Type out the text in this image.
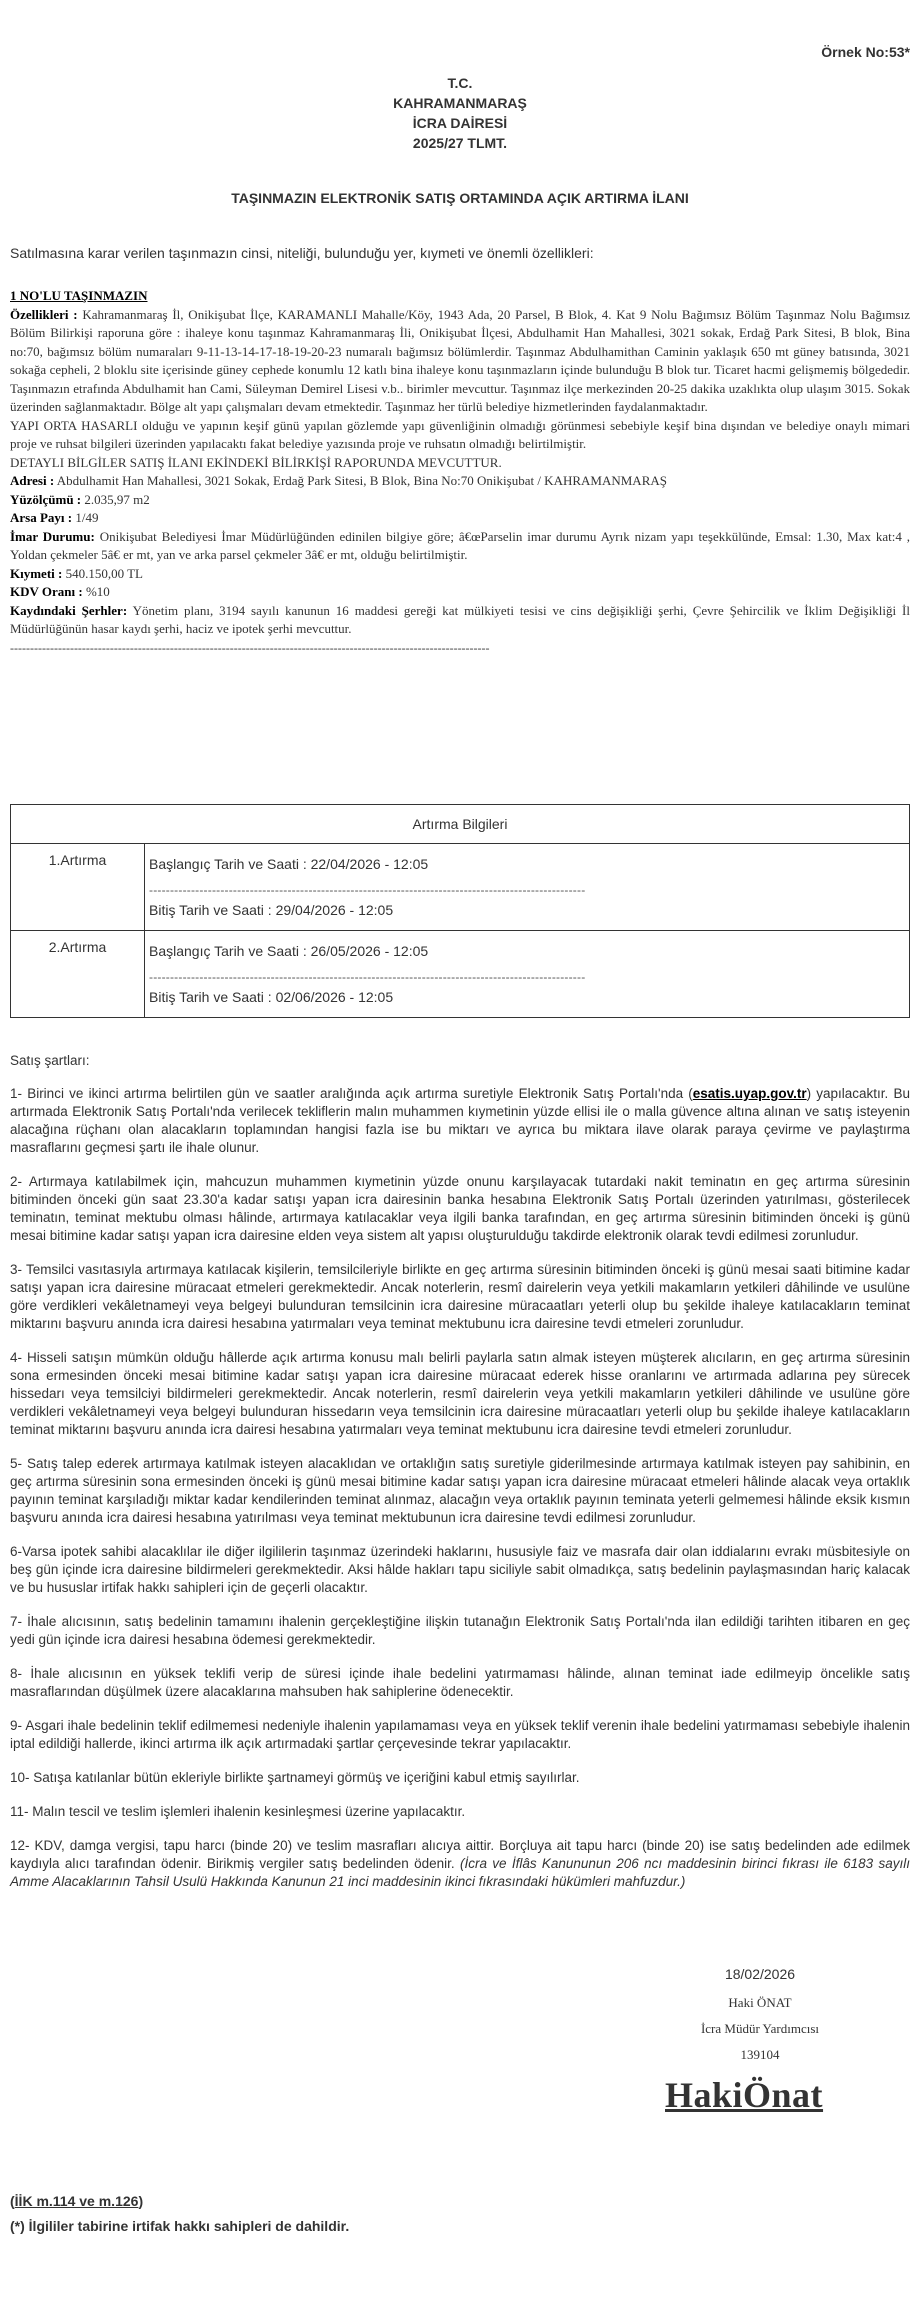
Örnek No:53*
T.C.
KAHRAMANMARAŞ
İCRA DAİRESİ
2025/27 TLMT.
TAŞINMAZIN ELEKTRONİK SATIŞ ORTAMINDA AÇIK ARTIRMA İLANI
Satılmasına karar verilen taşınmazın cinsi, niteliği, bulunduğu yer, kıymeti ve önemli özellikleri:

1 NO'LU TAŞINMAZIN

Özellikleri : Kahramanmaraş İl, Onikişubat İlçe, KARAMANLI Mahalle/Köy, 1943 Ada, 20 Parsel, B Blok, 4. Kat 9 Nolu Bağımsız Bölüm Taşınmaz Nolu Bağımsız Bölüm Bilirkişi raporuna göre : ihaleye konu taşınmaz Kahramanmaraş İli, Onikişubat İlçesi, Abdulhamit Han Mahallesi, 3021 sokak, Erdağ Park Sitesi, B blok, Bina no:70, bağımsız bölüm numaraları 9-11-13-14-17-18-19-20-23 numaralı bağımsız bölümlerdir. Taşınmaz Abdulhamithan Caminin yaklaşık 650 mt güney batısında, 3021 sokağa cepheli, 2 bloklu site içerisinde güney cephede konumlu 12 katlı bina ihaleye konu taşınmazların içinde bulunduğu B blok tur. Ticaret hacmi gelişmemiş bölgededir. Taşınmazın etrafında Abdulhamit han Cami, Süleyman Demirel Lisesi v.b.. birimler mevcuttur. Taşınmaz ilçe merkezinden 20-25 dakika uzaklıkta olup ulaşım 3015. Sokak üzerinden sağlanmaktadır. Bölge alt yapı çalışmaları devam etmektedir. Taşınmaz her türlü belediye hizmetlerinden faydalanmaktadır.

YAPI ORTA HASARLI olduğu ve yapının keşif günü yapılan gözlemde yapı güvenliğinin olmadığı görünmesi sebebiyle keşif bina dışından ve belediye onaylı mimari proje ve ruhsat bilgileri üzerinden yapılacaktı fakat belediye yazısında proje ve ruhsatın olmadığı belirtilmiştir.

DETAYLI BİLGİLER SATIŞ İLANI EKİNDEKİ BİLİRKİŞİ RAPORUNDA MEVCUTTUR.

Adresi : Abdulhamit Han Mahallesi, 3021 Sokak, Erdağ Park Sitesi, B Blok, Bina No:70 Onikişubat / KAHRAMANMARAŞ

Yüzölçümü : 2.035,97 m2

Arsa Payı : 1/49

İmar Durumu: Onikişubat Belediyesi İmar Müdürlüğünden edinilen bilgiye göre; â€œParselin imar durumu Ayrık nizam yapı teşekkülünde, Emsal: 1.30, Max kat:4 , Yoldan çekmeler 5â€ er mt, yan ve arka parsel çekmeler 3â€ er mt, olduğu belirtilmiştir.

Kıymeti : 540.150,00 TL

KDV Oranı : %10

Kaydındaki Şerhler: Yönetim planı, 3194 sayılı kanunun 16 maddesi gereği kat mülkiyeti tesisi ve cins değişikliği şerhi, Çevre Şehircilik ve İklim Değişikliği İl Müdürlüğünün hasar kaydı şerhi, haciz ve ipotek şerhi mevcuttur.

------------------------------------------------------------------------------------------------------------------------

Artırma Bilgileri
1.Artırma	Başlangıç Tarih ve Saati : 22/04/2026 - 12:05
--------------------------------------------------------------------------------------------------------
Bitiş Tarih ve Saati : 29/04/2026 - 12:05
2.Artırma	Başlangıç Tarih ve Saati : 26/05/2026 - 12:05
--------------------------------------------------------------------------------------------------------
Bitiş Tarih ve Saati : 02/06/2026 - 12:05
Satış şartları:

1- Birinci ve ikinci artırma belirtilen gün ve saatler aralığında açık artırma suretiyle Elektronik Satış Portalı'nda (esatis.uyap.gov.tr) yapılacaktır. Bu artırmada Elektronik Satış Portalı'nda verilecek tekliflerin malın muhammen kıymetinin yüzde ellisi ile o malla güvence altına alınan ve satış isteyenin alacağına rüçhanı olan alacakların toplamından hangisi fazla ise bu miktarı ve ayrıca bu miktara ilave olarak paraya çevirme ve paylaştırma masraflarını geçmesi şartı ile ihale olunur.

2- Artırmaya katılabilmek için, mahcuzun muhammen kıymetinin yüzde onunu karşılayacak tutardaki nakit teminatın en geç artırma süresinin bitiminden önceki gün saat 23.30'a kadar satışı yapan icra dairesinin banka hesabına Elektronik Satış Portalı üzerinden yatırılması, gösterilecek teminatın, teminat mektubu olması hâlinde, artırmaya katılacaklar veya ilgili banka tarafından, en geç artırma süresinin bitiminden önceki iş günü mesai bitimine kadar satışı yapan icra dairesine elden veya sistem alt yapısı oluşturulduğu takdirde elektronik olarak tevdi edilmesi zorunludur.

3- Temsilci vasıtasıyla artırmaya katılacak kişilerin, temsilcileriyle birlikte en geç artırma süresinin bitiminden önceki iş günü mesai saati bitimine kadar satışı yapan icra dairesine müracaat etmeleri gerekmektedir. Ancak noterlerin, resmî dairelerin veya yetkili makamların yetkileri dâhilinde ve usulüne göre verdikleri vekâletnameyi veya belgeyi bulunduran temsilcinin icra dairesine müracaatları yeterli olup bu şekilde ihaleye katılacakların teminat miktarını başvuru anında icra dairesi hesabına yatırmaları veya teminat mektubunu icra dairesine tevdi etmeleri zorunludur.

4- Hisseli satışın mümkün olduğu hâllerde açık artırma konusu malı belirli paylarla satın almak isteyen müşterek alıcıların, en geç artırma süresinin sona ermesinden önceki mesai bitimine kadar satışı yapan icra dairesine müracaat ederek hisse oranlarını ve artırmada adlarına pey sürecek hissedarı veya temsilciyi bildirmeleri gerekmektedir. Ancak noterlerin, resmî dairelerin veya yetkili makamların yetkileri dâhilinde ve usulüne göre verdikleri vekâletnameyi veya belgeyi bulunduran hissedarın veya temsilcinin icra dairesine müracaatları yeterli olup bu şekilde ihaleye katılacakların teminat miktarını başvuru anında icra dairesi hesabına yatırmaları veya teminat mektubunu icra dairesine tevdi etmeleri zorunludur.

5- Satış talep ederek artırmaya katılmak isteyen alacaklıdan ve ortaklığın satış suretiyle giderilmesinde artırmaya katılmak isteyen pay sahibinin, en geç artırma süresinin sona ermesinden önceki iş günü mesai bitimine kadar satışı yapan icra dairesine müracaat etmeleri hâlinde alacak veya ortaklık payının teminat karşıladığı miktar kadar kendilerinden teminat alınmaz, alacağın veya ortaklık payının teminata yeterli gelmemesi hâlinde eksik kısmın başvuru anında icra dairesi hesabına yatırılması veya teminat mektubunun icra dairesine tevdi edilmesi zorunludur.

6-Varsa ipotek sahibi alacaklılar ile diğer ilgililerin taşınmaz üzerindeki haklarını, hususiyle faiz ve masrafa dair olan iddialarını evrakı müsbitesiyle on beş gün içinde icra dairesine bildirmeleri gerekmektedir. Aksi hâlde hakları tapu siciliyle sabit olmadıkça, satış bedelinin paylaşmasından hariç kalacak ve bu hususlar irtifak hakkı sahipleri için de geçerli olacaktır.

7- İhale alıcısının, satış bedelinin tamamını ihalenin gerçekleştiğine ilişkin tutanağın Elektronik Satış Portalı'nda ilan edildiği tarihten itibaren en geç yedi gün içinde icra dairesi hesabına ödemesi gerekmektedir.

8- İhale alıcısının en yüksek teklifi verip de süresi içinde ihale bedelini yatırmaması hâlinde, alınan teminat iade edilmeyip öncelikle satış masraflarından düşülmek üzere alacaklarına mahsuben hak sahiplerine ödenecektir.

9- Asgari ihale bedelinin teklif edilmemesi nedeniyle ihalenin yapılamaması veya en yüksek teklif verenin ihale bedelini yatırmaması sebebiyle ihalenin iptal edildiği hallerde, ikinci artırma ilk açık artırmadaki şartlar çerçevesinde tekrar yapılacaktır.

10- Satışa katılanlar bütün ekleriyle birlikte şartnameyi görmüş ve içeriğini kabul etmiş sayılırlar.

11- Malın tescil ve teslim işlemleri ihalenin kesinleşmesi üzerine yapılacaktır.

12- KDV, damga vergisi, tapu harcı (binde 20) ve teslim masrafları alıcıya aittir. Borçluya ait tapu harcı (binde 20) ise satış bedelinden ade edilmek kaydıyla alıcı tarafından ödenir. Birikmiş vergiler satış bedelinden ödenir. (İcra ve İflâs Kanununun 206 ncı maddesinin birinci fıkrası ile 6183 sayılı Amme Alacaklarının Tahsil Usulü Hakkında Kanunun 21 inci maddesinin ikinci fıkrasındaki hükümleri mahfuzdur.)

18/02/2026
Haki ÖNAT
İcra Müdür Yardımcısı
139104
HakiÖnat
(İİK m.114 ve m.126)
(*) İlgililer tabirine irtifak hakkı sahipleri de dahildir.
